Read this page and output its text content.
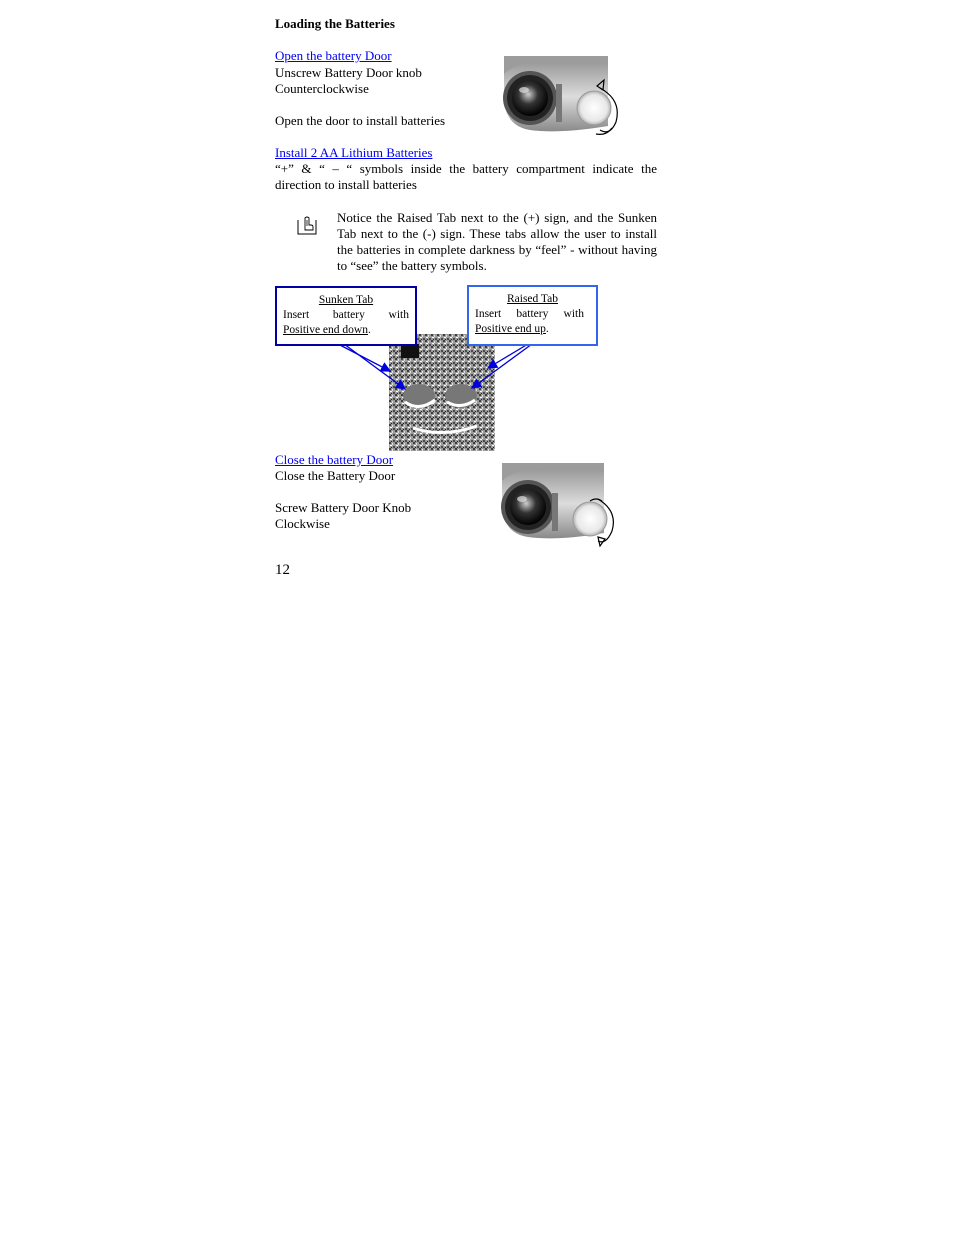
Loading the Batteries
Open the battery Door
Unscrew Battery Door knob
Counterclockwise
Open the door to install batteries
Install 2 AA Lithium Batteries
“+” & “ – “ symbols inside the battery compartment indicate the direction to install batteries
Notice the Raised Tab next to the (+) sign, and the Sunken Tab next to the (-) sign. These tabs allow the user to install the batteries in complete darkness by “feel” - without having to “see” the battery symbols.
Sunken Tab
Insert battery with
Positive end down.
Raised Tab
Insert battery with
Positive end up.
Close the battery Door
Close the Battery Door
Screw Battery Door Knob
Clockwise
12
